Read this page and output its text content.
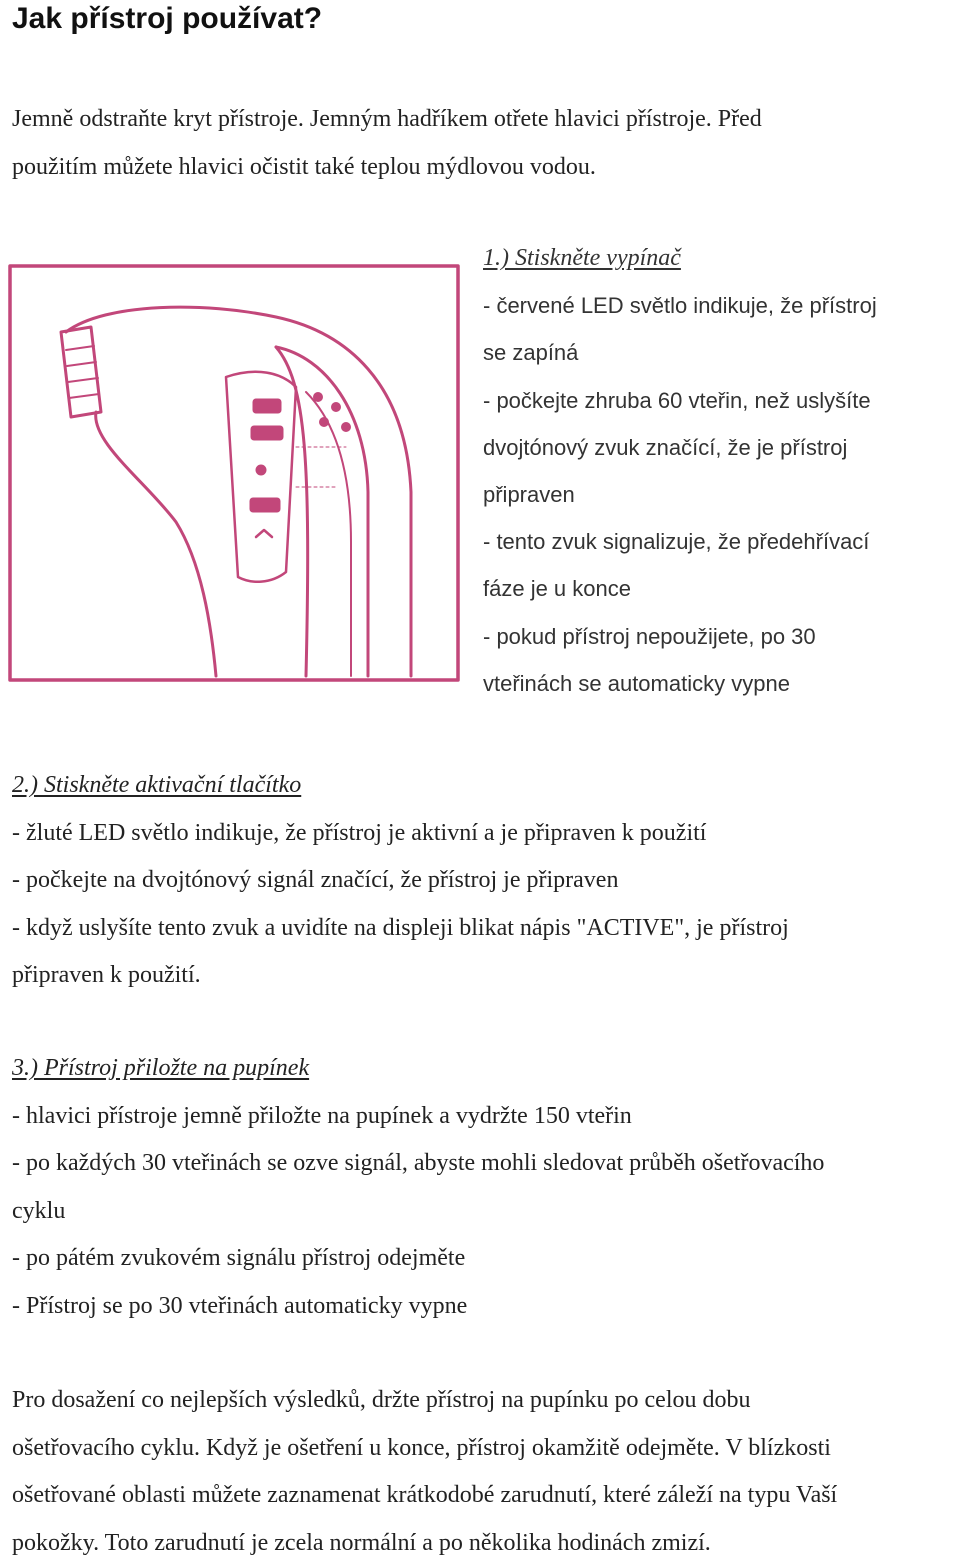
Jak přístroj používat?
Jemně odstraňte kryt přístroje. Jemným hadříkem otřete hlavici přístroje. Před
použitím můžete hlavici očistit také teplou mýdlovou vodou.
1.) Stiskněte vypínač
- červené LED světlo indikuje, že přístroj
se zapíná
- počkejte zhruba 60 vteřin, než uslyšíte
dvojtónový zvuk značící, že je přístroj
připraven
- tento zvuk signalizuje, že předehřívací
fáze je u konce
- pokud přístroj nepoužijete, po 30
vteřinách se automaticky vypne
2.) Stiskněte aktivační tlačítko
- žluté LED světlo indikuje, že přístroj je aktivní a je připraven k použití
- počkejte na dvojtónový signál značící, že přístroj je připraven
- když uslyšíte tento zvuk a uvidíte na displeji blikat nápis "ACTIVE", je přístroj
připraven k použití.
3.) Přístroj přiložte na pupínek
- hlavici přístroje jemně přiložte na pupínek a vydržte 150 vteřin
- po každých 30 vteřinách se ozve signál, abyste mohli sledovat průběh ošetřovacího
cyklu
- po pátém zvukovém signálu přístroj odejměte
- Přístroj se po 30 vteřinách automaticky vypne
Pro dosažení co nejlepších výsledků, držte přístroj na pupínku po celou dobu
ošetřovacího cyklu. Když je ošetření u konce, přístroj okamžitě odejměte. V blízkosti
ošetřované oblasti můžete zaznamenat krátkodobé zarudnutí, které záleží na typu Vaší
pokožky. Toto zarudnutí je zcela normální a po několika hodinách zmizí.
